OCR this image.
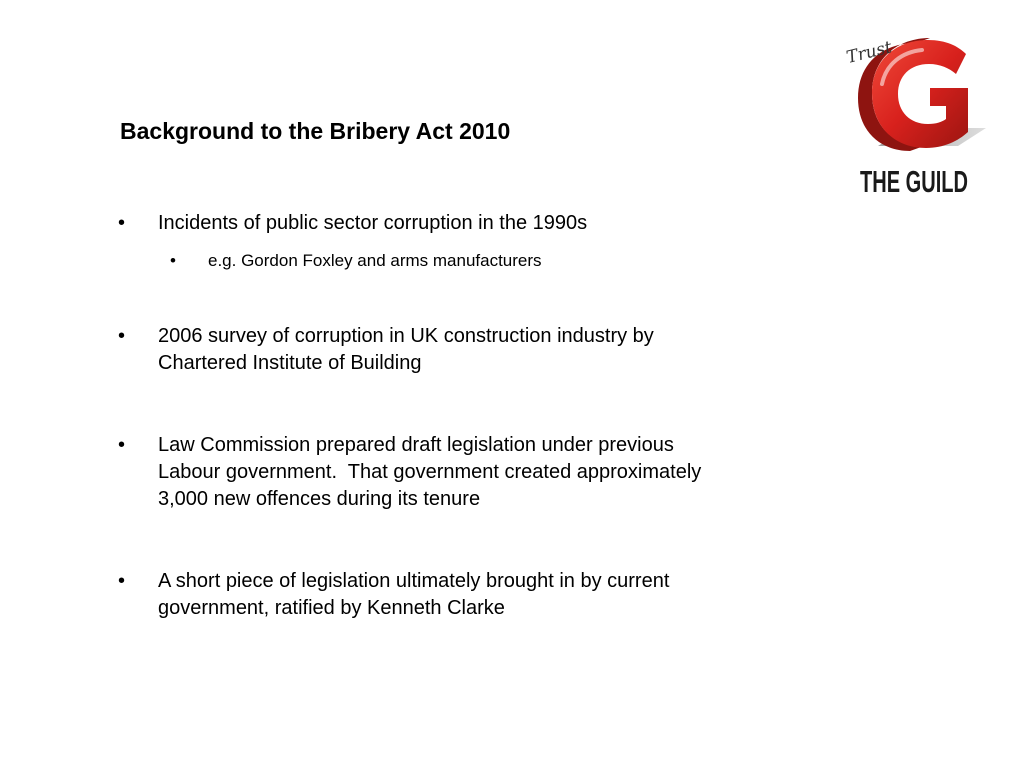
Background to the Bribery Act 2010
•	Incidents of public sector corruption in the 1990s
•	e.g. Gordon Foxley and arms manufacturers
•	2006 survey of corruption in UK construction industry by
Chartered Institute of Building
•	Law Commission prepared draft legislation under previous
Labour government.  That government created approximately
3,000 new offences during its tenure
•	A short piece of legislation ultimately brought in by current
government, ratified by Kenneth Clarke
Trust
THE GUILD
